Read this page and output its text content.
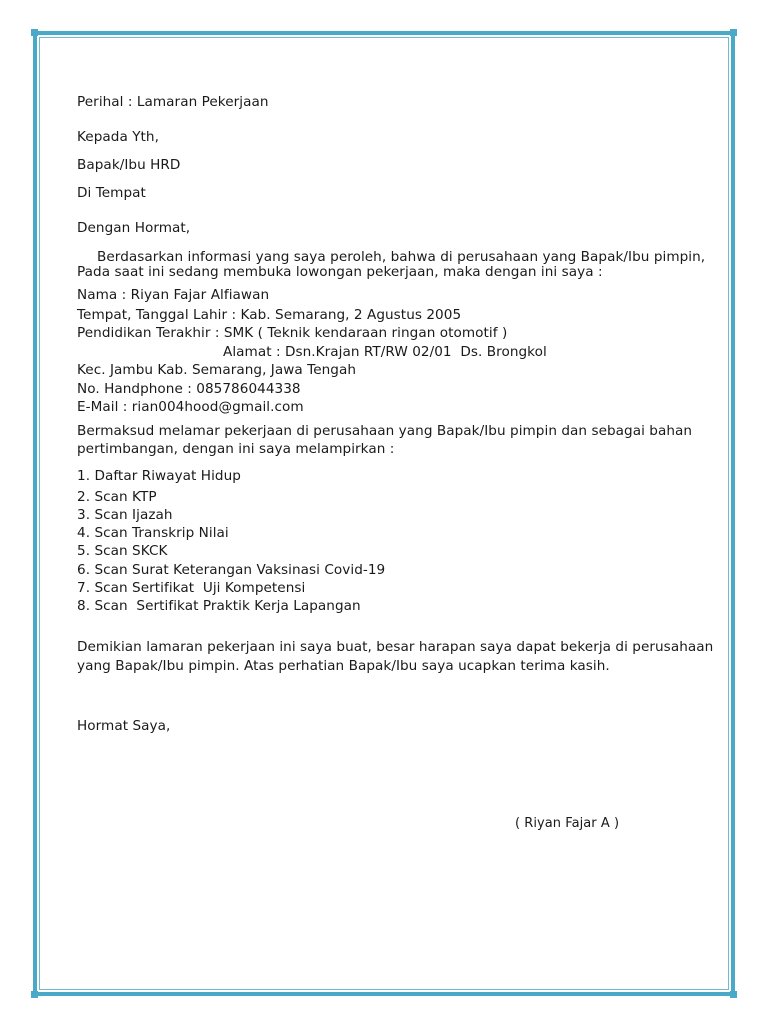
Perihal : Lamaran Pekerjaan
Kepada Yth,
Bapak/Ibu HRD
Di Tempat
Dengan Hormat,
Berdasarkan informasi yang saya peroleh, bahwa di perusahaan yang Bapak/Ibu pimpin,
Pada saat ini sedang membuka lowongan pekerjaan, maka dengan ini saya :
Nama : Riyan Fajar Alfiawan
Tempat, Tanggal Lahir : Kab. Semarang, 2 Agustus 2005
Pendidikan Terakhir : SMK ( Teknik kendaraan ringan otomotif )
Alamat : Dsn.Krajan RT/RW 02/01  Ds. Brongkol
Kec. Jambu Kab. Semarang, Jawa Tengah
No. Handphone : 085786044338
E-Mail : rian004hood@gmail.com
Bermaksud melamar pekerjaan di perusahaan yang Bapak/Ibu pimpin dan sebagai bahan
pertimbangan, dengan ini saya melampirkan :
1. Daftar Riwayat Hidup
2. Scan KTP
3. Scan Ijazah
4. Scan Transkrip Nilai
5. Scan SKCK
6. Scan Surat Keterangan Vaksinasi Covid-19
7. Scan Sertifikat  Uji Kompetensi
8. Scan  Sertifikat Praktik Kerja Lapangan
Demikian lamaran pekerjaan ini saya buat, besar harapan saya dapat bekerja di perusahaan
yang Bapak/Ibu pimpin. Atas perhatian Bapak/Ibu saya ucapkan terima kasih.
Hormat Saya,
( Riyan Fajar A )
